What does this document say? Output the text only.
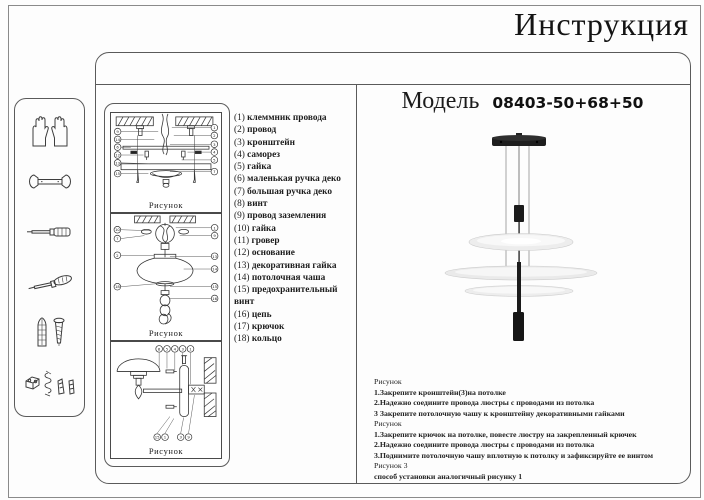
Инструкция
9
14
6
12
13
15
1
2
3
4
5
7
Рисунок
10
7
2
18
1
9
13
14
15
16
Рисунок
6 5 4 3 1
15 1	3 9
Рисунок
(1) клеммник провода
(2) провод
(3) кронштейн
(4) саморез
(5) гайка
(6) маленькая ручка деко
(7) большая ручка деко
(8) винт
(9) провод заземления
(10) гайка
(11) гровер
(12) основание
(13) декоративная гайка
(14) потолочная чаша
(15) предохранительный винт
(16) цепь
(17) крючок
(18) кольцо
Модель 08403-50+68+50
Рисунок
1.Закрепите кронштейн(3)на потолке
2.Надежно соедините провода люстры с проводами из потолка
3 Закрепите потолочную чашу к кронштейну декоративными гайками
Рисунок
1.Закрепите крючок на потолке, повесте люстру на закрепленный крючек
2.Надежно соедините провода люстры с проводами из потолка
3.Поднимите потолочную чашу вплотную к потолку и зафиксируйте ее винтом
Рисунок 3
способ установки аналогичный рисунку 1
